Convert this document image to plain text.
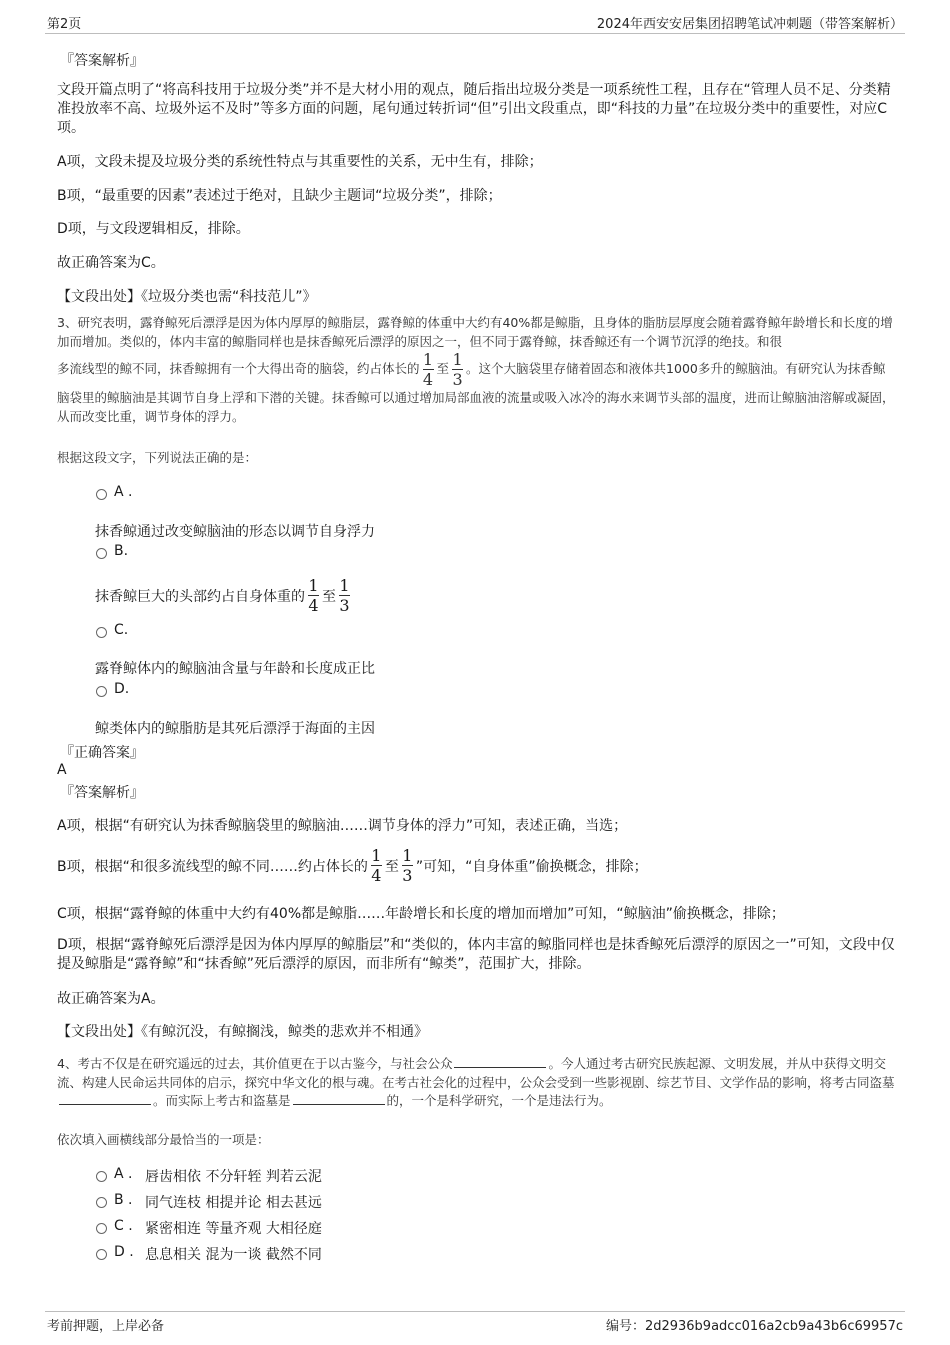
第2页	2024年西安安居集团招聘笔试冲刺题（带答案解析）
『答案解析』
文段开篇点明了“将高科技用于垃圾分类”并不是大材小用的观点，随后指出垃圾分类是一项系统性工程，且存在“管理人员不足、分类精准投放率不高、垃圾外运不及时”等多方面的问题，尾句通过转折词“但”引出文段重点，即“科技的力量”在垃圾分类中的重要性，对应C项。
A项，文段未提及垃圾分类的系统性特点与其重要性的关系，无中生有，排除；
B项，“最重要的因素”表述过于绝对，且缺少主题词“垃圾分类”，排除；
D项，与文段逻辑相反，排除。
故正确答案为C。
【文段出处】《垃圾分类也需“科技范儿”》
3、研究表明，露脊鲸死后漂浮是因为体内厚厚的鲸脂层，露脊鲸的体重中大约有40%都是鲸脂，且身体的脂肪层厚度会随着露脊鲸年龄增长和长度的增加而增加。类似的，体内丰富的鲸脂同样也是抹香鲸死后漂浮的原因之一，但不同于露脊鲸，抹香鲸还有一个调节沉浮的绝技。和很
多流线型的鲸不同，抹香鲸拥有一个大得出奇的脑袋，约占体长的 $\frac{1}{4}$ 至 $\frac{1}{3}$ 。这个大脑袋里存储着固态和液体共1000多升的鲸脑油。有研究认为抹香鲸脑袋里的鲸脑油是其调节自身上浮和下潜的关键。抹香鲸可以通过增加局部血液的流量或吸入冰冷的海水来调节头部的温度，进而让鲸脑油溶解或凝固，从而改变比重，调节身体的浮力。
根据这段文字，下列说法正确的是：
A .
抹香鲸通过改变鲸脑油的形态以调节自身浮力
B.
抹香鲸巨大的头部约占自身体重的 $\frac{1}{4}$ 至 $\frac{1}{3}$
C.
露脊鲸体内的鲸脑油含量与年龄和长度成正比
D.
鲸类体内的鲸脂肪是其死后漂浮于海面的主因
『正确答案』
A
『答案解析』
A项，根据“有研究认为抹香鲸脑袋里的鲸脑油……调节身体的浮力”可知，表述正确，当选；
B项，根据“和很多流线型的鲸不同……约占体长的 $\frac{1}{4}$ 至 $\frac{1}{3}$ ”可知，“自身体重”偷换概念，排除；
C项，根据“露脊鲸的体重中大约有40%都是鲸脂……年龄增长和长度的增加而增加”可知，“鲸脑油”偷换概念，排除；
D项，根据“露脊鲸死后漂浮是因为体内厚厚的鲸脂层”和“类似的，体内丰富的鲸脂同样也是抹香鲸死后漂浮的原因之一”可知，文段中仅提及鲸脂是“露脊鲸”和“抹香鲸”死后漂浮的原因，而非所有“鲸类”，范围扩大，排除。
故正确答案为A。
【文段出处】《有鲸沉没，有鲸搁浅，鲸类的悲欢并不相通》
4、考古不仅是在研究遥远的过去，其价值更在于以古鉴今，与社会公众	。今人通过考古研究民族起源、文明发展，并从中获得文明交流、构建人民命运共同体的启示，探究中华文化的根与魂。在考古社会化的过程中，公众会受到一些影视剧、综艺节目、文学作品的影响，将考古同盗墓。而实际上考古和盗墓是	的，一个是科学研究，一个是违法行为。
依次填入画横线部分最恰当的一项是：
A . 唇齿相依 不分轩轾 判若云泥
B . 同气连枝 相提并论 相去甚远
C . 紧密相连 等量齐观 大相径庭
D . 息息相关 混为一谈 截然不同
考前押题，上岸必备	编号：2d2936b9adcc016a2cb9a43b6c69957c
